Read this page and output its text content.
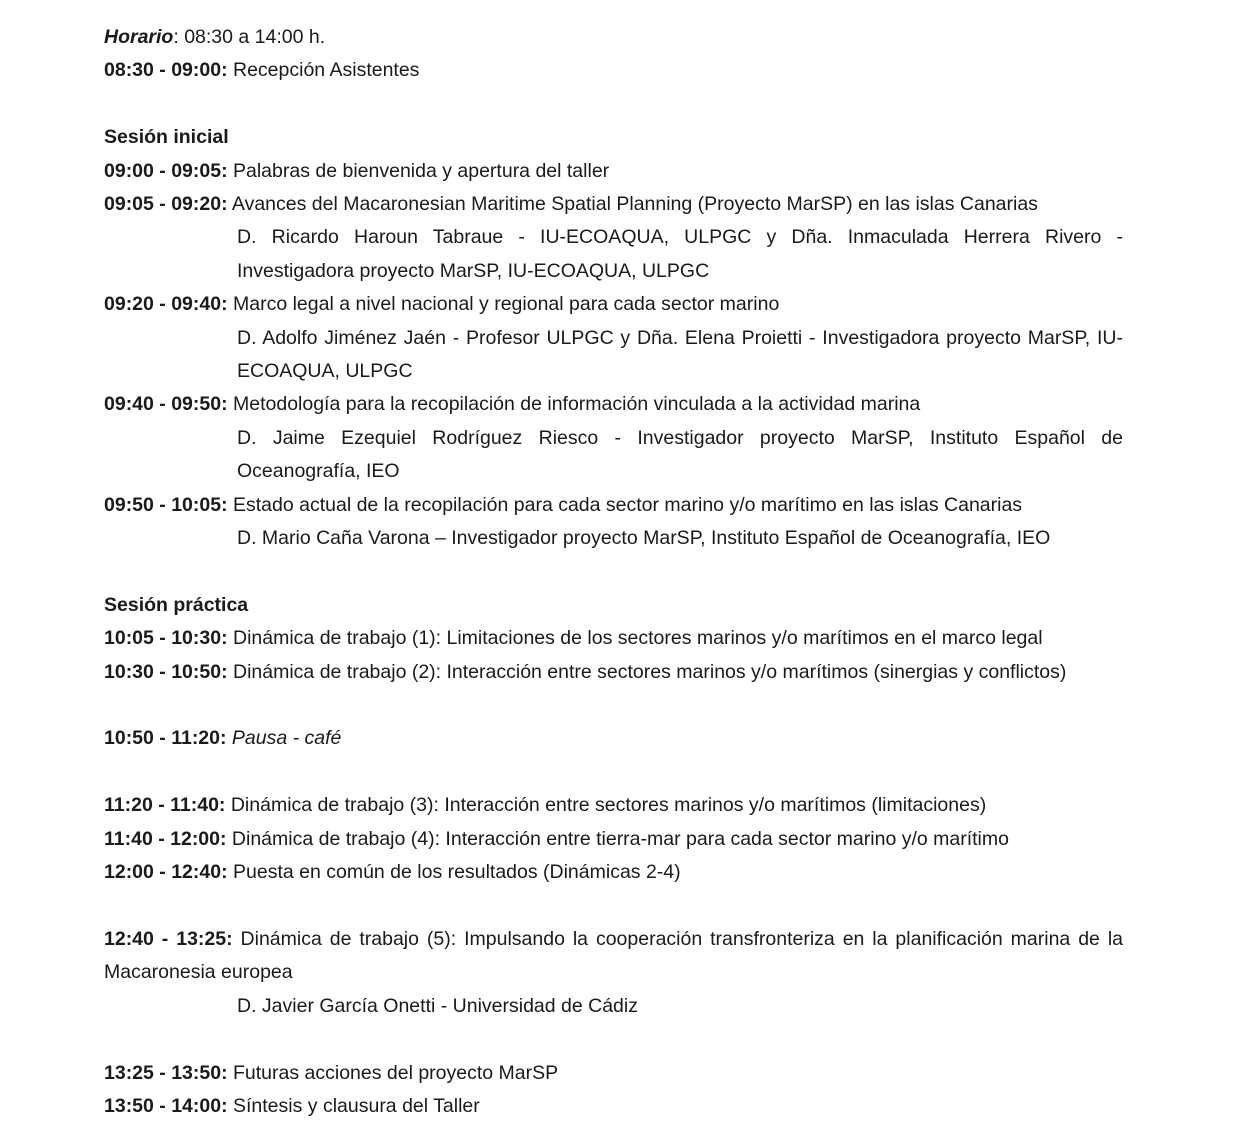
Horario: 08:30 a 14:00 h.
08:30 - 09:00: Recepción Asistentes
Sesión inicial
09:00 - 09:05: Palabras de bienvenida y apertura del taller
09:05 - 09:20: Avances del Macaronesian Maritime Spatial Planning (Proyecto MarSP) en las islas Canarias
D. Ricardo Haroun Tabraue - IU-ECOAQUA, ULPGC y Dña. Inmaculada Herrera Rivero - Investigadora proyecto MarSP, IU-ECOAQUA, ULPGC
09:20 - 09:40: Marco legal a nivel nacional y regional para cada sector marino
D. Adolfo Jiménez Jaén - Profesor ULPGC y Dña. Elena Proietti - Investigadora proyecto MarSP, IU-ECOAQUA, ULPGC
09:40 - 09:50: Metodología para la recopilación de información vinculada a la actividad marina
D. Jaime Ezequiel Rodríguez Riesco - Investigador proyecto MarSP, Instituto Español de Oceanografía, IEO
09:50 - 10:05: Estado actual de la recopilación para cada sector marino y/o marítimo en las islas Canarias
D. Mario Caña Varona – Investigador proyecto MarSP, Instituto Español de Oceanografía, IEO
Sesión práctica
10:05 - 10:30: Dinámica de trabajo (1): Limitaciones de los sectores marinos y/o marítimos en el marco legal
10:30 - 10:50: Dinámica de trabajo (2): Interacción entre sectores marinos y/o marítimos (sinergias y conflictos)
10:50 - 11:20: Pausa - café
11:20 - 11:40: Dinámica de trabajo (3): Interacción entre sectores marinos y/o marítimos (limitaciones)
11:40 - 12:00: Dinámica de trabajo (4): Interacción entre tierra-mar para cada sector marino y/o marítimo
12:00 - 12:40: Puesta en común de los resultados (Dinámicas 2-4)
12:40 - 13:25: Dinámica de trabajo (5): Impulsando la cooperación transfronteriza en la planificación marina de la Macaronesia europea
D. Javier García Onetti - Universidad de Cádiz
13:25 - 13:50: Futuras acciones del proyecto MarSP
13:50 - 14:00: Síntesis y clausura del Taller
